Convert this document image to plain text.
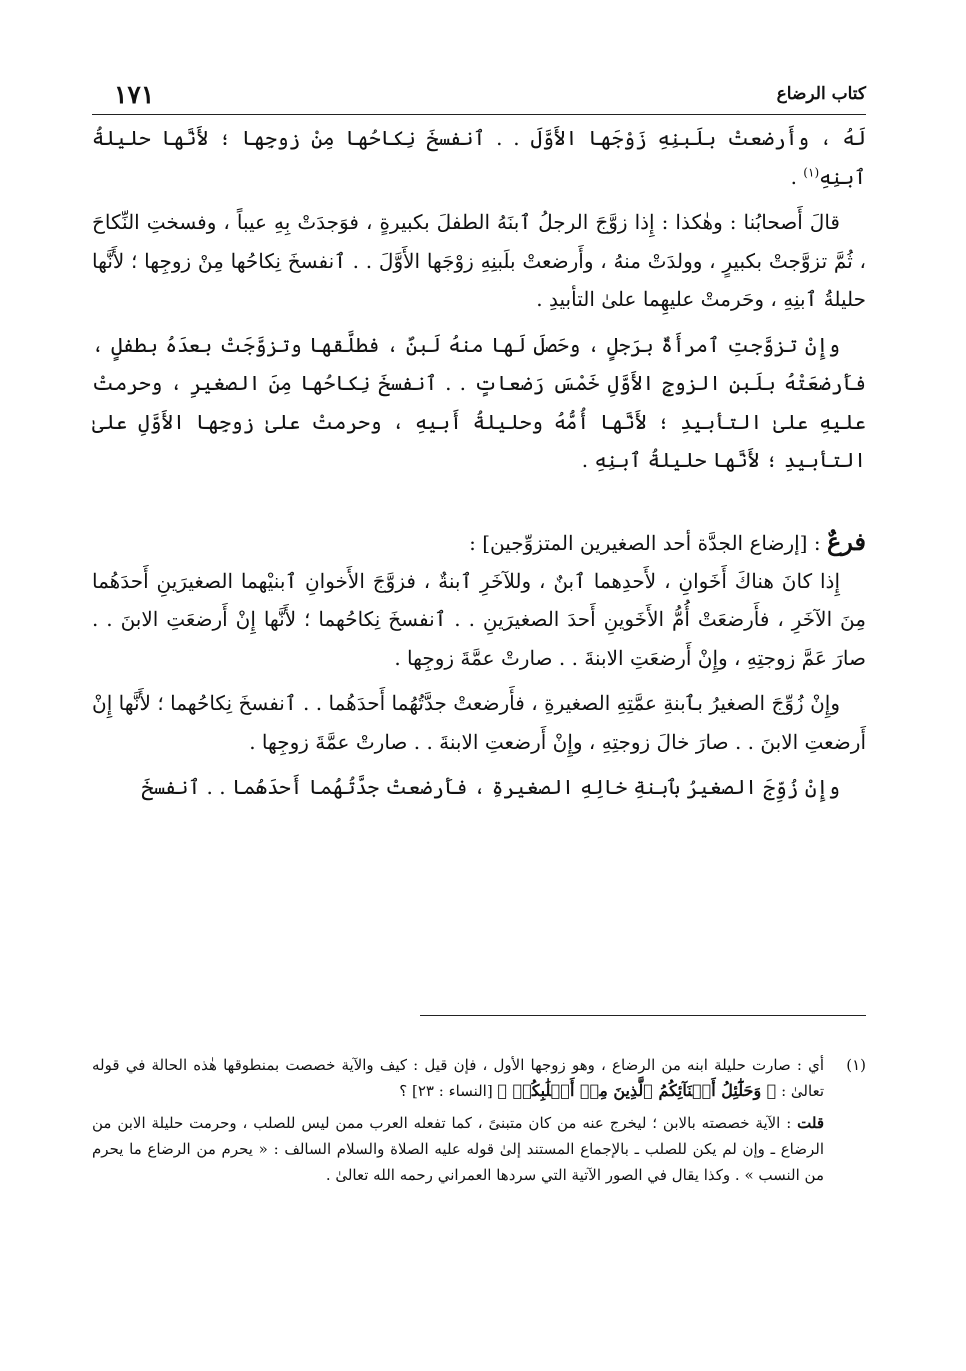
كتاب الرضاع
١٧١

لَهُ ، وأَرضعتْ بلَبنِهِ زَوْجَها الأَوَّلَ . . ٱنفسخَ نِكاحُها مِنْ زوجِها ؛ لأَنَّها حليلةُ ٱبنِهِ$^{(١)}$ .

قالَ أَصحابُنا : وهٰكذا : إِذا زوَّجَ الرجلُ ٱبنَهُ الطفلَ بكبيرةٍ ، فوَجدَتْ بِهِ عيباً ، وفسختِ النِّكاحَ ، ثُمَّ تزوَّجتْ بكبيرٍ ، وولدَتْ منهُ ، وأَرضعتْ بلَبنِهِ زوْجَها الأَوَّلَ . . ٱنفسخَ نِكاحُها مِنْ زوجِها ؛ لأَنَّها حليلةُ ٱبنِهِ ، وحَرمتْ عليهِما علىٰ التأبيدِ .

وإِنْ تزوَّجتِ ٱمرأَةٌ برَجلٍ ، وحَصلَ لَها منهُ لَبنٌ ، فطلَّقها وتزوَّجَتْ بعدَهُ بطفلٍ ، فأَرضعَتْهُ بلَبنِ الزوجِ الأَوَّلِ خَمْسَ رَضعاتٍ . . ٱنفسخَ نِكاحُها مِنَ الصغيرِ ، وحرمتْ عليهِ علىٰ التأبيدِ ؛ لأَنَّها أُمُّهُ وحليلةُ أَبيهِ ، وحرمتْ علىٰ زوجِها الأَوَّلِ علىٰ التأبيدِ ؛ لأَنَّها حليلةُ ٱبنِهِ .

فرعٌ : [إرضاع الجدَّة أحد الصغيرين المتزوِّجين] :

إِذا كانَ هناكَ أَخَوانِ ، لأَحدِهما ٱبنٌ ، وللآخَرِ ٱبنةٌ ، فزوَّجَ الأَخوانِ ٱبنيْهما الصغيرَينِ أَحدَهُما مِنَ الآخَرِ ، فأَرضعَتْ أُمُّ الأَخَوينِ أَحدَ الصغيرَينِ . . ٱنفسخَ نِكاحُهما ؛ لأَنَّها إِنْ أَرضعَتِ الابنَ . . صارَ عَمَّ زوجتِهِ ، وإِنْ أَرضعَتِ الابنةَ . . صارتْ عمَّةَ زوجِها .

وإِنْ زُوِّجَ الصغيرُ بٱبنةِ عمَّتِهِ الصغيرةِ ، فأَرضعتْ جدَّتُهُما أَحدَهُما . . ٱنفسخَ نِكاحُهما ؛ لأَنَّها إِنْ أَرضعتِ الابنَ . . صارَ خالَ زوجتِهِ ، وإِنْ أَرضعتِ الابنةَ . . صارتْ عمَّةَ زوجِها .

وإِنْ زُوِّجَ الصغيرُ بٱبنةِ خالِهِ الصغيرةِ ، فأَرضعتْ جدَّتُهُما أَحدَهُما . . ٱنفسخَ

(١)
أي : صارت حليلة ابنه من الرضاع ، وهو زوجها الأول ، فإن قيل : كيف والآية خصصت بمنطوقها هٰذه الحالة في قوله تعالىٰ : ﴿ وَحَلَٰٓئِلُ أَبۡنَآئِكُمُ ٱلَّذِينَ مِنۡ أَصۡلَٰبِكُمۡ ﴾ [النساء : ٢٣] ؟

قلت : الآية خصصته بالابن ؛ ليخرج عنه من كان متبنىً ، كما تفعله العرب ممن ليس للصلب ، وحرمت حليلة الابن من الرضاع ـ وإن لم يكن للصلب ـ بالإجماع المستند إلىٰ قوله عليه الصلاة والسلام السالف : « يحرم من الرضاع ما يحرم من النسب » . وكذا يقال في الصور الآتية التي سردها العمراني رحمه الله تعالىٰ .
